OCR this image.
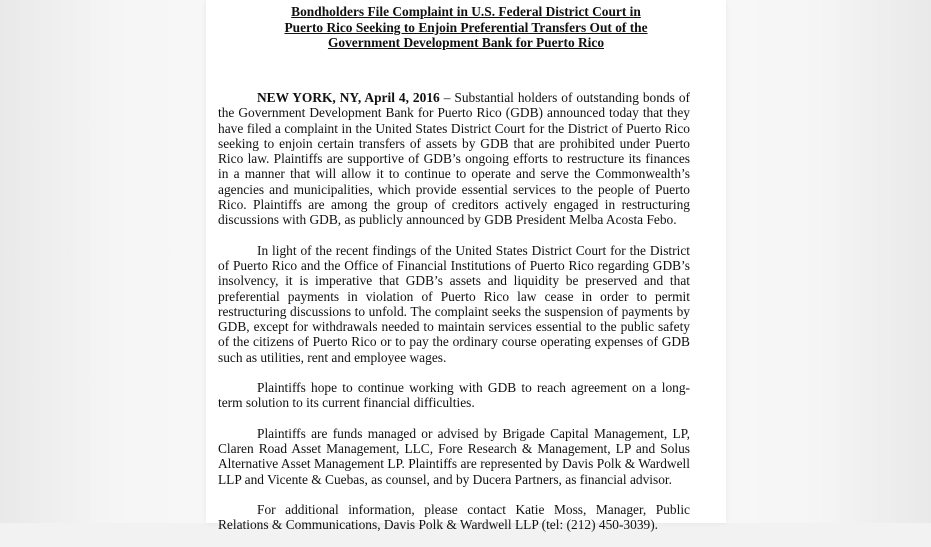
Bondholders File Complaint in U.S. Federal District Court in
Puerto Rico Seeking to Enjoin Preferential Transfers Out of the
Government Development Bank for Puerto Rico

NEW YORK, NY, April 4, 2016 – Substantial holders of outstanding bonds of the Government Development Bank for Puerto Rico (GDB) announced today that they have filed a complaint in the United States District Court for the District of Puerto Rico seeking to enjoin certain transfers of assets by GDB that are prohibited under Puerto Rico law. Plaintiffs are supportive of GDB’s ongoing efforts to restructure its finances in a manner that will allow it to continue to operate and serve the Commonwealth’s agencies and municipalities, which provide essential services to the people of Puerto Rico. Plaintiffs are among the group of creditors actively engaged in restructuring discussions with GDB, as publicly announced by GDB President Melba Acosta Febo.

In light of the recent findings of the United States District Court for the District of Puerto Rico and the Office of Financial Institutions of Puerto Rico regarding GDB’s insolvency, it is imperative that GDB’s assets and liquidity be preserved and that preferential payments in violation of Puerto Rico law cease in order to permit restructuring discussions to unfold. The complaint seeks the suspension of payments by GDB, except for withdrawals needed to maintain services essential to the public safety of the citizens of Puerto Rico or to pay the ordinary course operating expenses of GDB such as utilities, rent and employee wages.

Plaintiffs hope to continue working with GDB to reach agreement on a long-term solution to its current financial difficulties.

Plaintiffs are funds managed or advised by Brigade Capital Management, LP, Claren Road Asset Management, LLC, Fore Research & Management, LP and Solus Alternative Asset Management LP. Plaintiffs are represented by Davis Polk & Wardwell LLP and Vicente & Cuebas, as counsel, and by Ducera Partners, as financial advisor.

For additional information, please contact Katie Moss, Manager, Public Relations & Communications, Davis Polk & Wardwell LLP (tel: (212) 450-3039).
